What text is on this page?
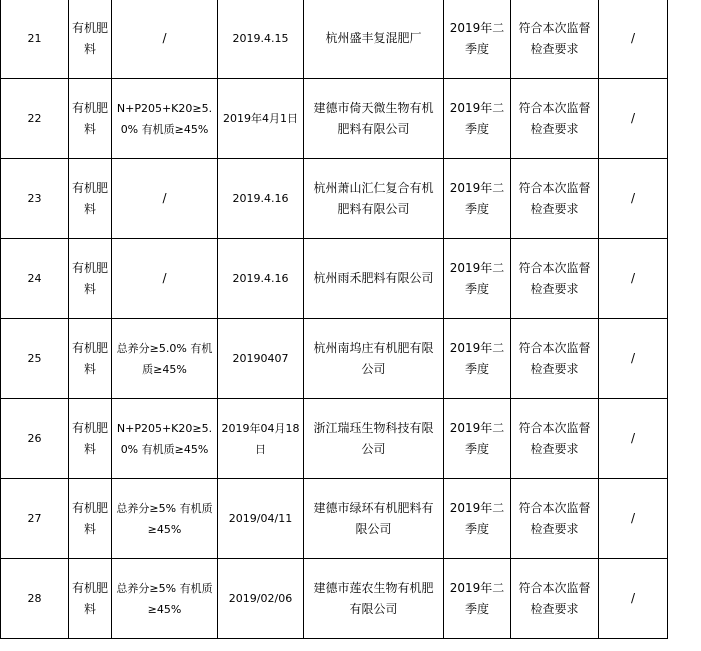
21	有机肥料	/	2019.4.15	杭州盛丰复混肥厂	2019年二季度	符合本次监督检查要求	/
22	有机肥料	N+P205+K20≥5.0% 有机质≥45%	2019年4月1日	建德市倚天微生物有机肥料有限公司	2019年二季度	符合本次监督检查要求	/
23	有机肥料	/	2019.4.16	杭州萧山汇仁复合有机肥料有限公司	2019年二季度	符合本次监督检查要求	/
24	有机肥料	/	2019.4.16	杭州雨禾肥料有限公司	2019年二季度	符合本次监督检查要求	/
25	有机肥料	总养分≥5.0% 有机质≥45%	20190407	杭州南坞庄有机肥有限公司	2019年二季度	符合本次监督检查要求	/
26	有机肥料	N+P205+K20≥5.0% 有机质≥45%	2019年04月18日	浙江瑞珏生物科技有限公司	2019年二季度	符合本次监督检查要求	/
27	有机肥料	总养分≥5% 有机质≥45%	2019/04/11	建德市绿环有机肥料有限公司	2019年二季度	符合本次监督检查要求	/
28	有机肥料	总养分≥5% 有机质≥45%	2019/02/06	建德市莲农生物有机肥有限公司	2019年二季度	符合本次监督检查要求	/
